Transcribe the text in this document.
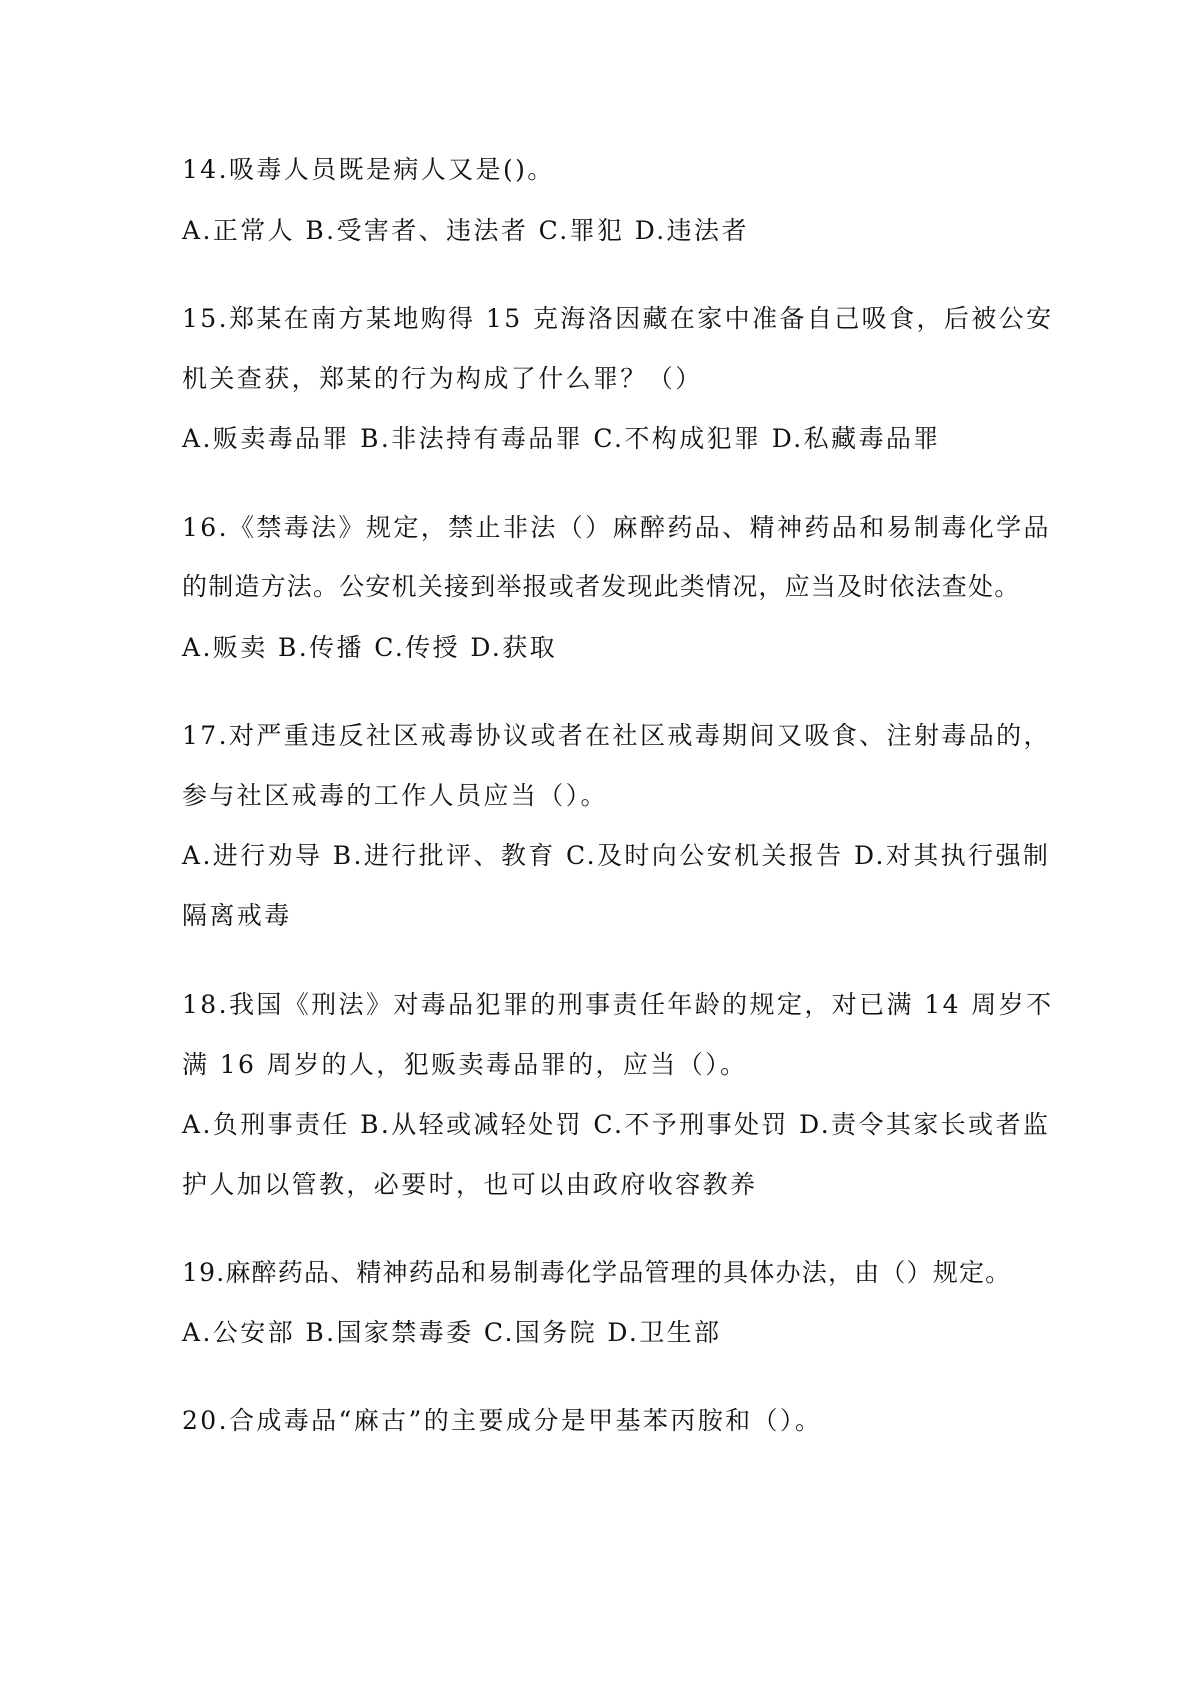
14.吸毒人员既是病人又是()。
A.正常人 B.受害者、违法者 C.罪犯 D.违法者
15.郑某在南方某地购得 15 克海洛因藏在家中准备自己吸食，后被公安
机关查获，郑某的行为构成了什么罪？（）
A.贩卖毒品罪 B.非法持有毒品罪 C.不构成犯罪 D.私藏毒品罪
16.《禁毒法》规定，禁止非法（）麻醉药品、精神药品和易制毒化学品
的制造方法。公安机关接到举报或者发现此类情况，应当及时依法查处。
A.贩卖 B.传播 C.传授 D.获取
17.对严重违反社区戒毒协议或者在社区戒毒期间又吸食、注射毒品的，
参与社区戒毒的工作人员应当（）。
A.进行劝导 B.进行批评、教育 C.及时向公安机关报告 D.对其执行强制
隔离戒毒
18.我国《刑法》对毒品犯罪的刑事责任年龄的规定，对已满 14 周岁不
满 16 周岁的人，犯贩卖毒品罪的，应当（）。
A.负刑事责任 B.从轻或减轻处罚 C.不予刑事处罚 D.责令其家长或者监
护人加以管教，必要时，也可以由政府收容教养
19.麻醉药品、精神药品和易制毒化学品管理的具体办法，由（）规定。
A.公安部 B.国家禁毒委 C.国务院 D.卫生部
20.合成毒品“麻古”的主要成分是甲基苯丙胺和（）。
